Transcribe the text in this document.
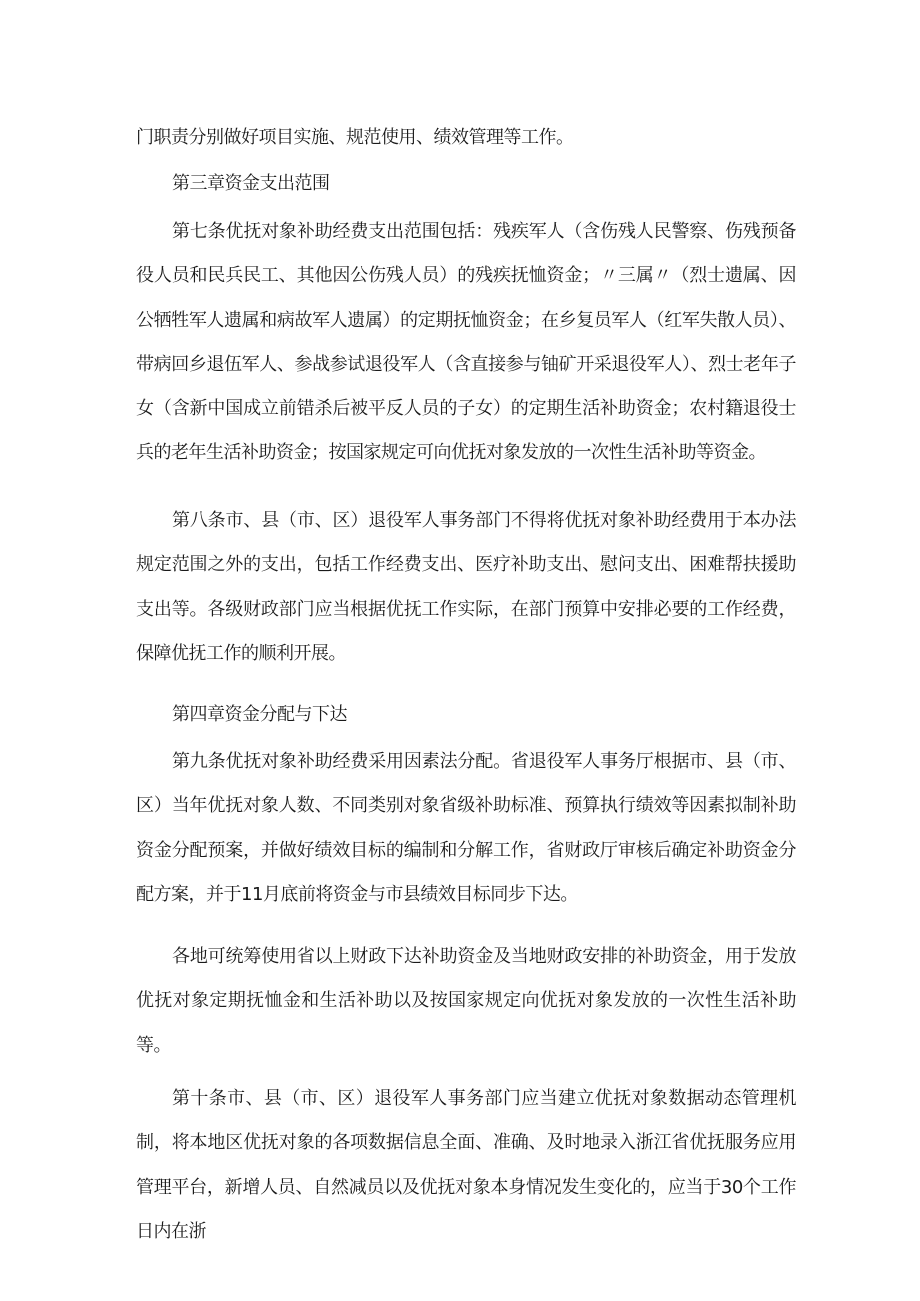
门职责分别做好项目实施、规范使用、绩效管理等工作。

第三章资金支出范围

第七条优抚对象补助经费支出范围包括：残疾军人（含伤残人民警察、伤残预备役人员和民兵民工、其他因公伤残人员）的残疾抚恤资金；〃三属〃（烈士遗属、因公牺牲军人遗属和病故军人遗属）的定期抚恤资金；在乡复员军人（红军失散人员）、带病回乡退伍军人、参战参试退役军人（含直接参与铀矿开采退役军人）、烈士老年子女（含新中国成立前错杀后被平反人员的子女）的定期生活补助资金；农村籍退役士兵的老年生活补助资金；按国家规定可向优抚对象发放的一次性生活补助等资金。

第八条市、县（市、区）退役军人事务部门不得将优抚对象补助经费用于本办法规定范围之外的支出，包括工作经费支出、医疗补助支出、慰问支出、困难帮扶援助支出等。各级财政部门应当根据优抚工作实际，在部门预算中安排必要的工作经费，保障优抚工作的顺利开展。

第四章资金分配与下达

第九条优抚对象补助经费采用因素法分配。省退役军人事务厅根据市、县（市、区）当年优抚对象人数、不同类别对象省级补助标准、预算执行绩效等因素拟制补助资金分配预案，并做好绩效目标的编制和分解工作，省财政厅审核后确定补助资金分配方案，并于11月底前将资金与市县绩效目标同步下达。

各地可统筹使用省以上财政下达补助资金及当地财政安排的补助资金，用于发放优抚对象定期抚恤金和生活补助以及按国家规定向优抚对象发放的一次性生活补助等。

第十条市、县（市、区）退役军人事务部门应当建立优抚对象数据动态管理机制，将本地区优抚对象的各项数据信息全面、准确、及时地录入浙江省优抚服务应用管理平台，新增人员、自然减员以及优抚对象本身情况发生变化的，应当于30个工作日内在浙
